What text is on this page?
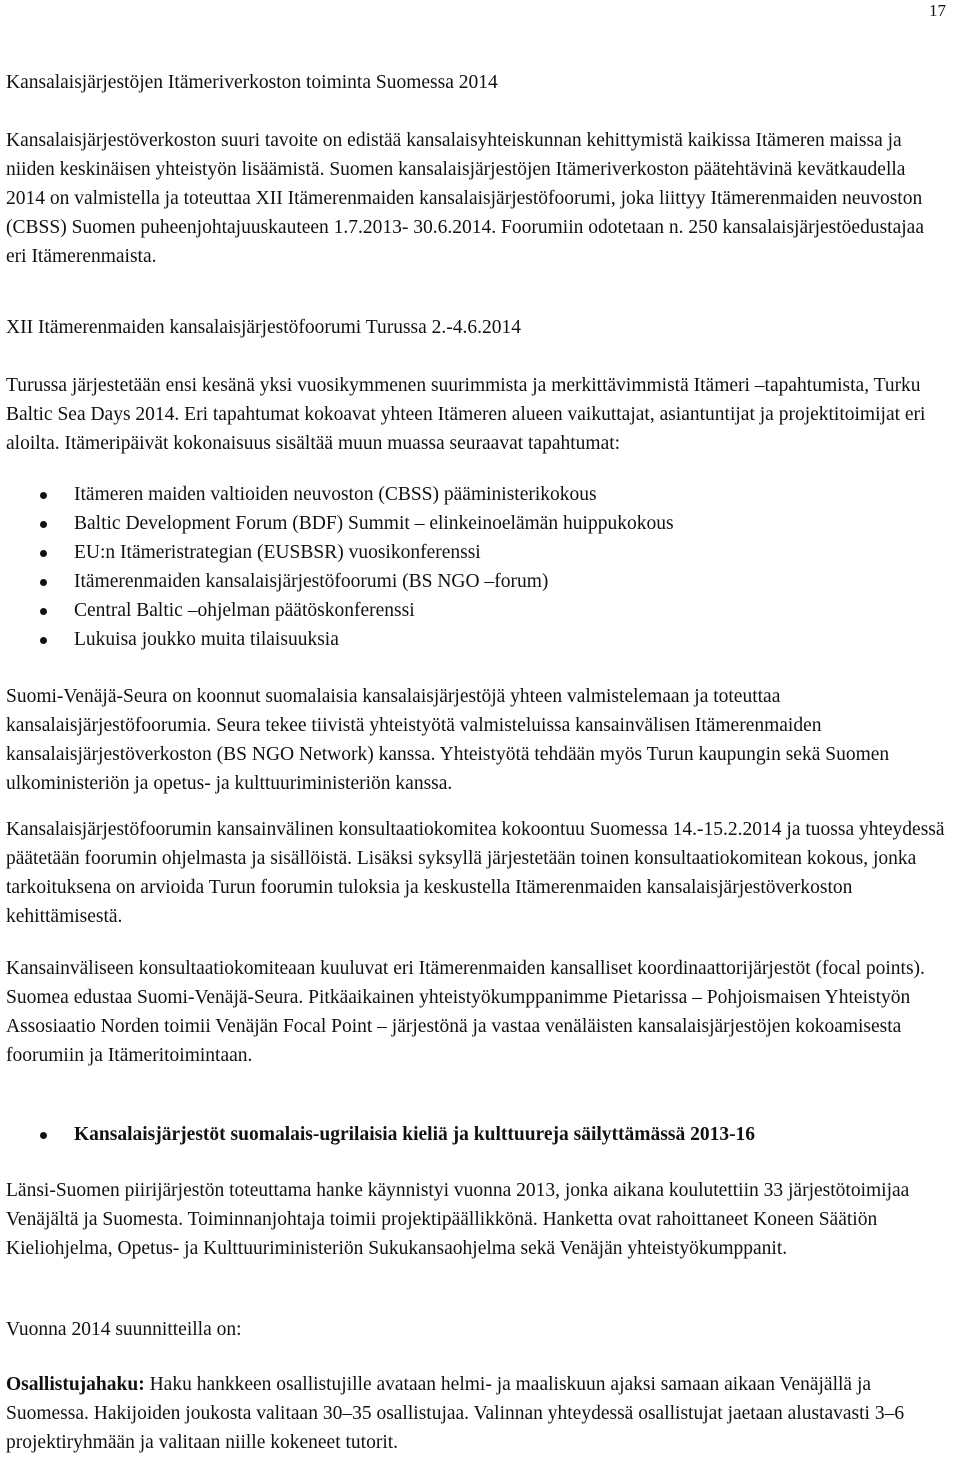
17

Kansalaisjärjestöjen Itämeriverkoston toiminta Suomessa 2014

Kansalaisjärjestöverkoston suuri tavoite on edistää kansalaisyhteiskunnan kehittymistä kaikissa Itämeren maissa ja niiden keskinäisen yhteistyön lisäämistä. Suomen kansalaisjärjestöjen Itämeriverkoston päätehtävinä kevätkaudella 2014 on valmistella ja toteuttaa XII Itämerenmaiden kansalaisjärjestöfoorumi, joka liittyy Itämerenmaiden neuvoston (CBSS) Suomen puheenjohtajuuskauteen 1.7.2013- 30.6.2014. Foorumiin odotetaan n. 250 kansalaisjärjestöedustajaa eri Itämerenmaista.

XII Itämerenmaiden kansalaisjärjestöfoorumi Turussa 2.-4.6.2014

Turussa järjestetään ensi kesänä yksi vuosikymmenen suurimmista ja merkittävimmistä Itämeri –tapahtumista, Turku Baltic Sea Days 2014. Eri tapahtumat kokoavat yhteen Itämeren alueen vaikuttajat, asiantuntijat ja projektitoimijat eri aloilta. Itämeripäivät kokonaisuus sisältää muun muassa seuraavat tapahtumat:

Itämeren maiden valtioiden neuvoston (CBSS) pääministerikokous
Baltic Development Forum (BDF) Summit – elinkeinoelämän huippukokous
EU:n Itämeristrategian (EUSBSR) vuosikonferenssi
Itämerenmaiden kansalaisjärjestöfoorumi (BS NGO –forum)
Central Baltic –ohjelman päätöskonferenssi
Lukuisa joukko muita tilaisuuksia

Suomi-Venäjä-Seura on koonnut suomalaisia kansalaisjärjestöjä yhteen valmistelemaan ja toteuttaa kansalaisjärjestöfoorumia. Seura tekee tiivistä yhteistyötä valmisteluissa kansainvälisen Itämerenmaiden kansalaisjärjestöverkoston (BS NGO Network) kanssa. Yhteistyötä tehdään myös Turun kaupungin sekä Suomen ulkoministeriön ja opetus- ja kulttuuriministeriön kanssa.

Kansalaisjärjestöfoorumin kansainvälinen konsultaatiokomitea kokoontuu Suomessa 14.-15.2.2014 ja tuossa yhteydessä päätetään foorumin ohjelmasta ja sisällöistä. Lisäksi syksyllä järjestetään toinen konsultaatiokomitean kokous, jonka tarkoituksena on arvioida Turun foorumin tuloksia ja keskustella Itämerenmaiden kansalaisjärjestöverkoston kehittämisestä.

Kansainväliseen konsultaatiokomiteaan kuuluvat eri Itämerenmaiden kansalliset koordinaattorijärjestöt (focal points). Suomea edustaa Suomi-Venäjä-Seura. Pitkäaikainen yhteistyökumppanimme Pietarissa – Pohjoismaisen Yhteistyön Assosiaatio Norden toimii Venäjän Focal Point – järjestönä ja vastaa venäläisten kansalaisjärjestöjen kokoamisesta foorumiin ja Itämeritoimintaan.

Kansalaisjärjestöt suomalais-ugrilaisia kieliä ja kulttuureja säilyttämässä 2013-16

Länsi-Suomen piirijärjestön toteuttama hanke käynnistyi vuonna 2013, jonka aikana koulutettiin 33 järjestötoimijaa Venäjältä ja Suomesta. Toiminnanjohtaja toimii projektipäällikkönä. Hanketta ovat rahoittaneet Koneen Säätiön Kieliohjelma, Opetus- ja Kulttuuriministeriön Sukukansaohjelma sekä Venäjän yhteistyökumppanit.

Vuonna 2014 suunnitteilla on:

Osallistujahaku: Haku hankkeen osallistujille avataan helmi- ja maaliskuun ajaksi samaan aikaan Venäjällä ja Suomessa. Hakijoiden joukosta valitaan 30–35 osallistujaa. Valinnan yhteydessä osallistujat jaetaan alustavasti 3–6 projektiryhmään ja valitaan niille kokeneet tutorit.
